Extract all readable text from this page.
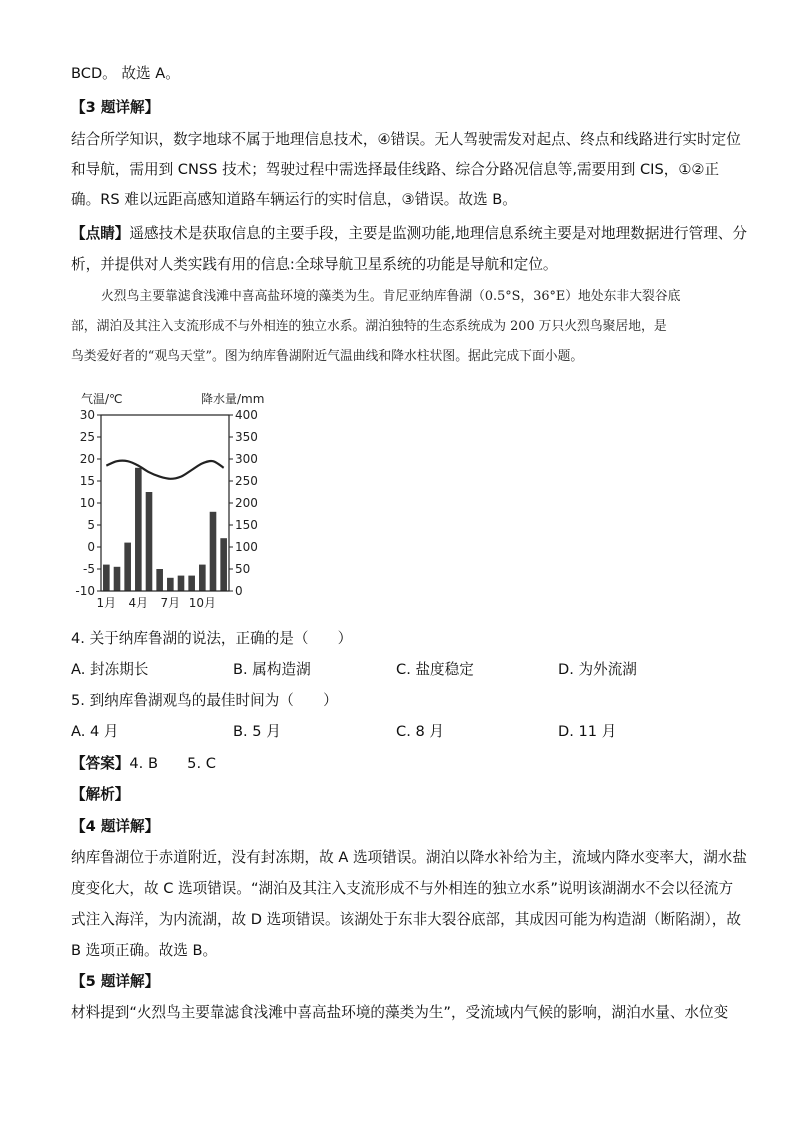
BCD。 故选 A。
【3 题详解】
结合所学知识，数字地球不属于地理信息技术，④错误。无人驾驶需发对起点、终点和线路进行实时定位
和导航，需用到 CNSS 技术；驾驶过程中需选择最佳线路、综合分路况信息等,需要用到 CIS，①②正
确。RS 难以远距高感知道路车辆运行的实时信息，③错误。故选 B。
【点睛】遥感技术是获取信息的主要手段，主要是监测功能,地理信息系统主要是对地理数据进行管理、分
析，并提供对人类实践有用的信息:全球导航卫星系统的功能是导航和定位。
火烈鸟主要靠滤食浅滩中喜高盐环境的藻类为生。肯尼亚纳库鲁湖（0.5°S，36°E）地处东非大裂谷底
部，湖泊及其注入支流形成不与外相连的独立水系。湖泊独特的生态系统成为 200 万只火烈鸟聚居地，是
鸟类爱好者的“观鸟天堂”。图为纳库鲁湖附近气温曲线和降水柱状图。据此完成下面小题。
气温/℃	降水量/mm
30
25
20
15
10
5
0
-5
-10
400
350
300
250
200
150
100
50
0
1月 4月 7月 10月
4. 关于纳库鲁湖的说法，正确的是（　　）
A. 封冻期长	B. 属构造湖	C. 盐度稳定	D. 为外流湖
5. 到纳库鲁湖观鸟的最佳时间为（　　）
A. 4 月	B. 5 月	C. 8 月	D. 11 月
【答案】4. B　　5. C
【解析】
【4 题详解】
纳库鲁湖位于赤道附近，没有封冻期，故 A 选项错误。湖泊以降水补给为主，流域内降水变率大，湖水盐
度变化大，故 C 选项错误。“湖泊及其注入支流形成不与外相连的独立水系”说明该湖湖水不会以径流方
式注入海洋，为内流湖，故 D 选项错误。该湖处于东非大裂谷底部，其成因可能为构造湖（断陷湖），故
B 选项正确。故选 B。
【5 题详解】
材料提到“火烈鸟主要靠滤食浅滩中喜高盐环境的藻类为生”，受流域内气候的影响，湖泊水量、水位变
